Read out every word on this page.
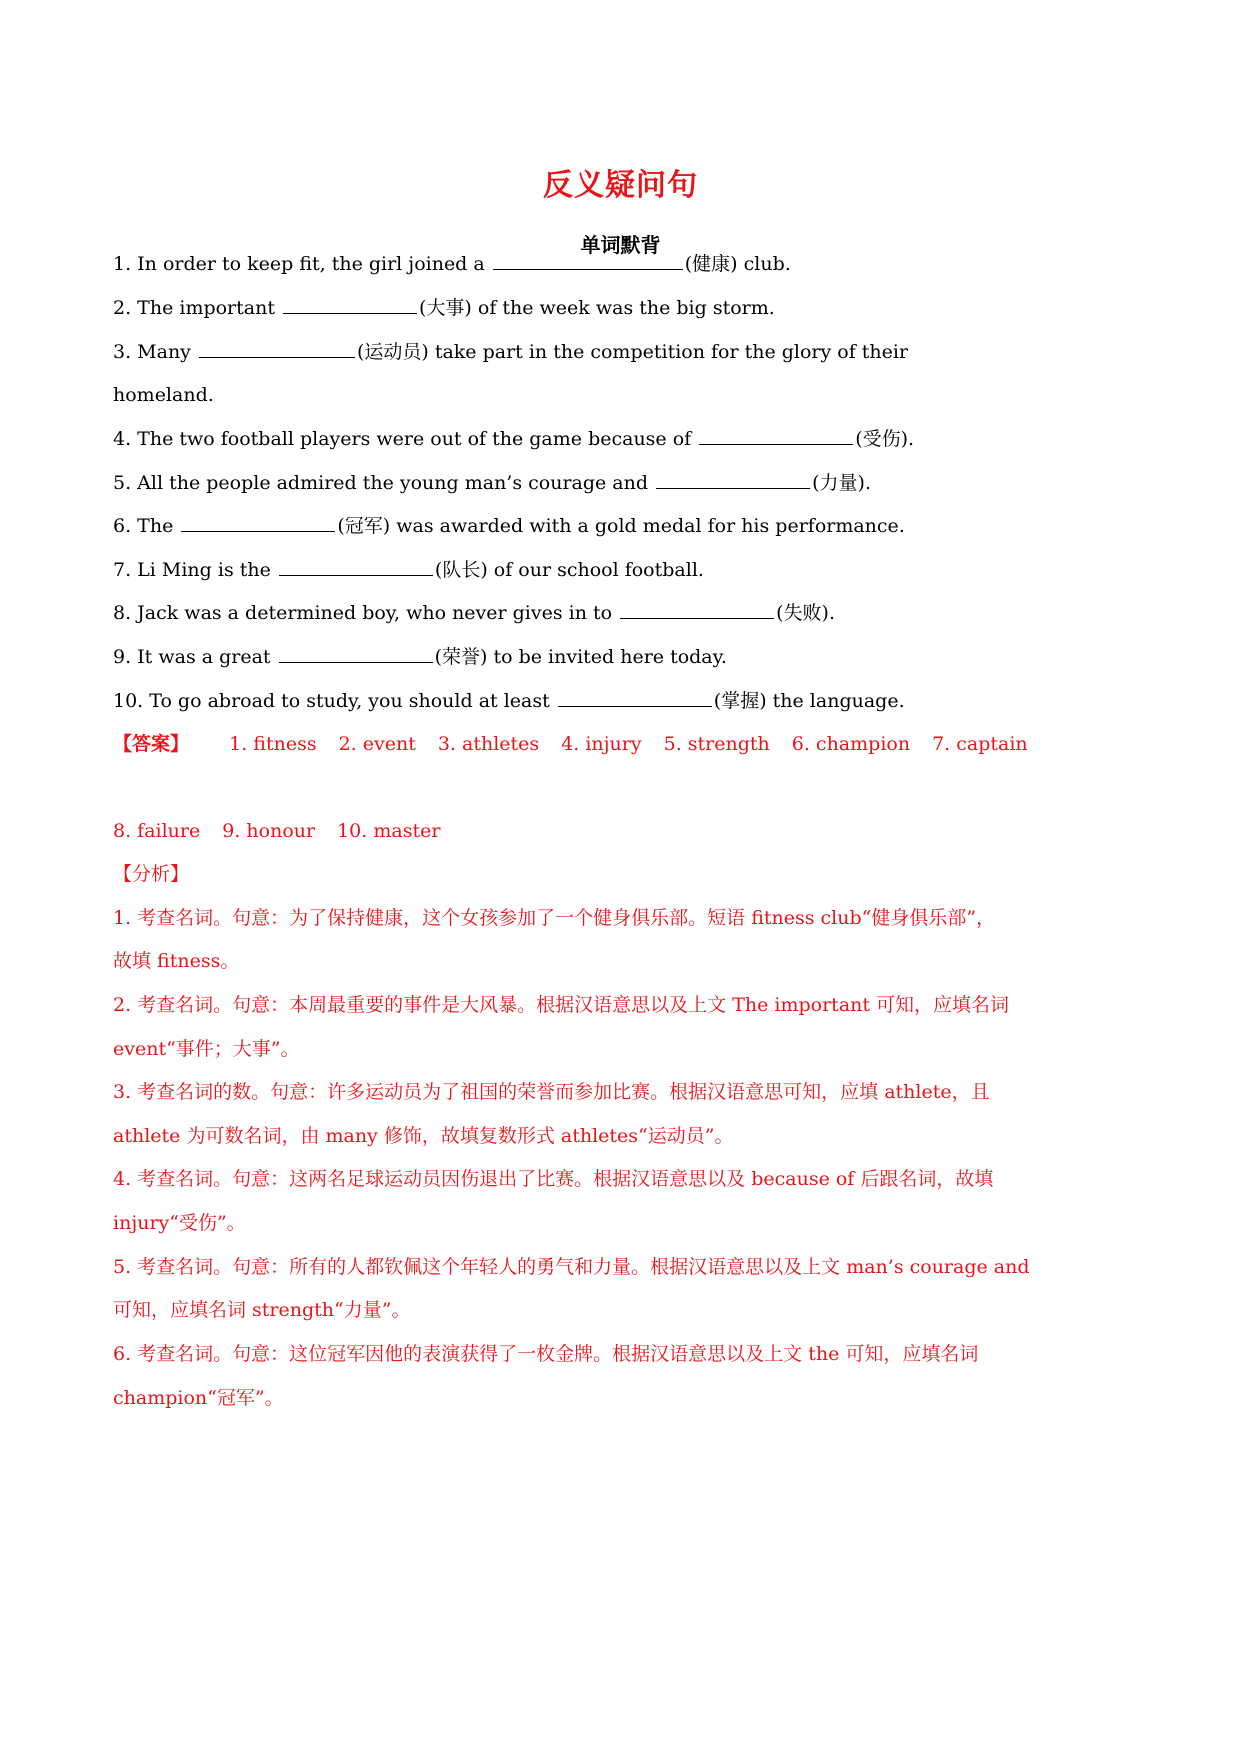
反义疑问句
单词默背
1. In order to keep fit, the girl joined a	(健康) club.
2. The important	(大事) of the week was the big storm.
3. Many	(运动员) take part in the competition for the glory of their
homeland.
4. The two football players were out of the game because of	(受伤).
5. All the people admired the young man’s courage and	(力量).
6. The	(冠军) was awarded with a gold medal for his performance.
7. Li Ming is the	(队长) of our school football.
8. Jack was a determined boy, who never gives in to	(失败).
9. It was a great	(荣誉) to be invited here today.
10. To go abroad to study, you should at least	(掌握) the language.
【答案】 1. fitness 2. event 3. athletes 4. injury 5. strength 6. champion 7. captain
8. failure 9. honour 10. master
【分析】
1. 考查名词。句意：为了保持健康，这个女孩参加了一个健身俱乐部。短语 fitness club“健身俱乐部”，
故填 fitness。
2. 考查名词。句意：本周最重要的事件是大风暴。根据汉语意思以及上文 The important 可知，应填名词
event“事件；大事”。
3. 考查名词的数。句意：许多运动员为了祖国的荣誉而参加比赛。根据汉语意思可知，应填 athlete，且
athlete 为可数名词，由 many 修饰，故填复数形式 athletes“运动员”。
4. 考查名词。句意：这两名足球运动员因伤退出了比赛。根据汉语意思以及 because of 后跟名词，故填
injury“受伤”。
5. 考查名词。句意：所有的人都钦佩这个年轻人的勇气和力量。根据汉语意思以及上文 man’s courage and
可知，应填名词 strength“力量”。
6. 考查名词。句意：这位冠军因他的表演获得了一枚金牌。根据汉语意思以及上文 the 可知，应填名词
champion“冠军”。
